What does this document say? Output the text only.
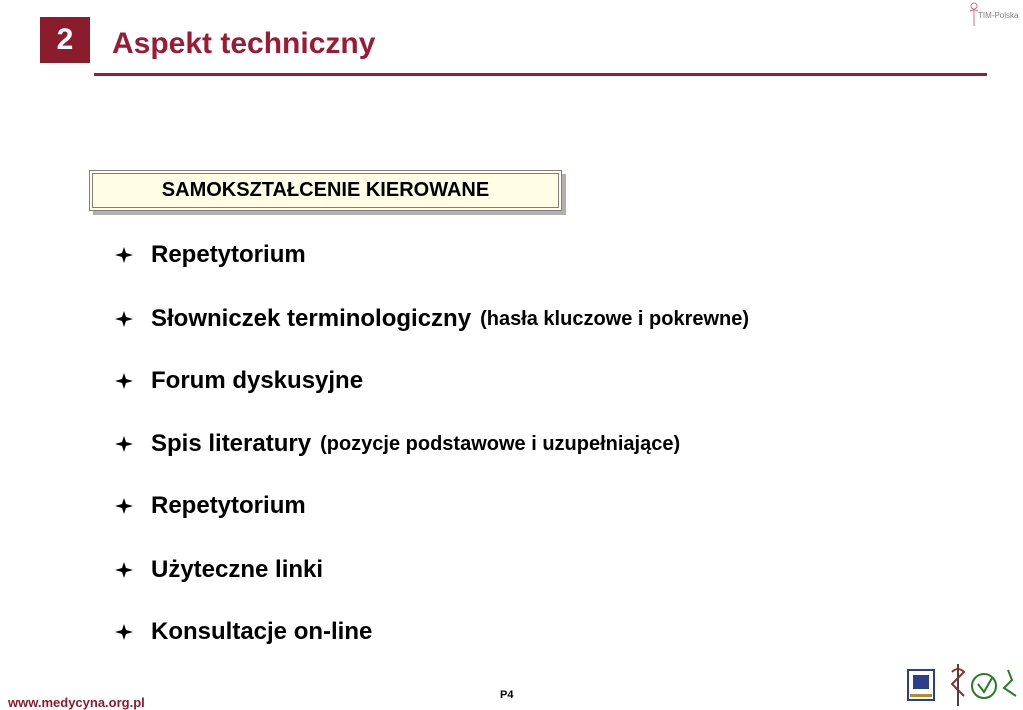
2 Aspekt techniczny
TIM-Polska
SAMOKSZTAŁCENIE KIEROWANE
Repetytorium
Słowniczek terminologiczny (hasła kluczowe i pokrewne)
Forum dyskusyjne
Spis literatury (pozycje podstawowe i uzupełniające)
Repetytorium
Użyteczne linki
Konsultacje on-line
www.medycyna.org.pl	P4
